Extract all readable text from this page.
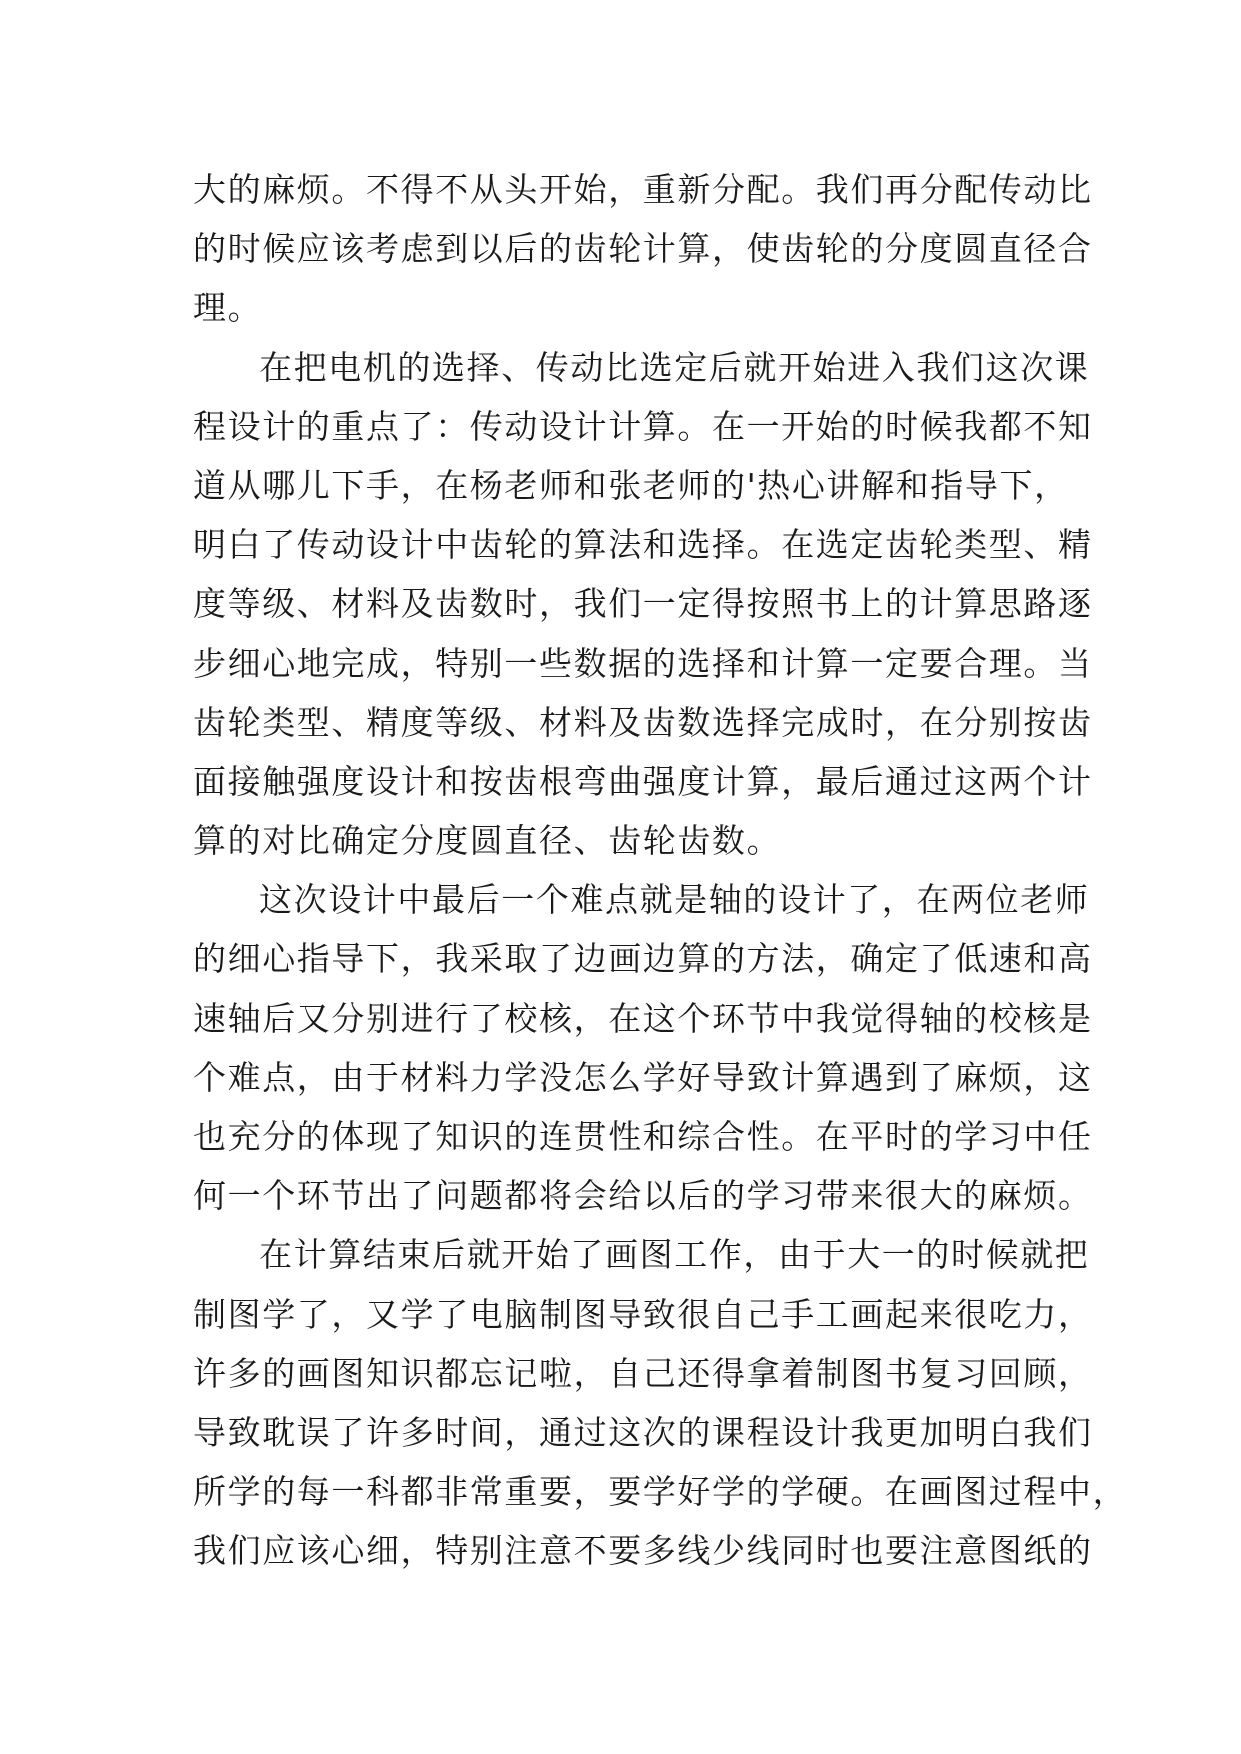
大的麻烦。不得不从头开始，重新分配。我们再分配传动比
的时候应该考虑到以后的齿轮计算，使齿轮的分度圆直径合
理。
在把电机的选择、传动比选定后就开始进入我们这次课
程设计的重点了：传动设计计算。在一开始的时候我都不知
道从哪儿下手，在杨老师和张老师的'热心讲解和指导下，
明白了传动设计中齿轮的算法和选择。在选定齿轮类型、精
度等级、材料及齿数时，我们一定得按照书上的计算思路逐
步细心地完成，特别一些数据的选择和计算一定要合理。当
齿轮类型、精度等级、材料及齿数选择完成时，在分别按齿
面接触强度设计和按齿根弯曲强度计算，最后通过这两个计
算的对比确定分度圆直径、齿轮齿数。
这次设计中最后一个难点就是轴的设计了，在两位老师
的细心指导下，我采取了边画边算的方法，确定了低速和高
速轴后又分别进行了校核，在这个环节中我觉得轴的校核是
个难点，由于材料力学没怎么学好导致计算遇到了麻烦，这
也充分的体现了知识的连贯性和综合性。在平时的学习中任
何一个环节出了问题都将会给以后的学习带来很大的麻烦。
在计算结束后就开始了画图工作，由于大一的时候就把
制图学了，又学了电脑制图导致很自己手工画起来很吃力，
许多的画图知识都忘记啦，自己还得拿着制图书复习回顾，
导致耽误了许多时间，通过这次的课程设计我更加明白我们
所学的每一科都非常重要，要学好学的学硬。在画图过程中，
我们应该心细，特别注意不要多线少线同时也要注意图纸的
